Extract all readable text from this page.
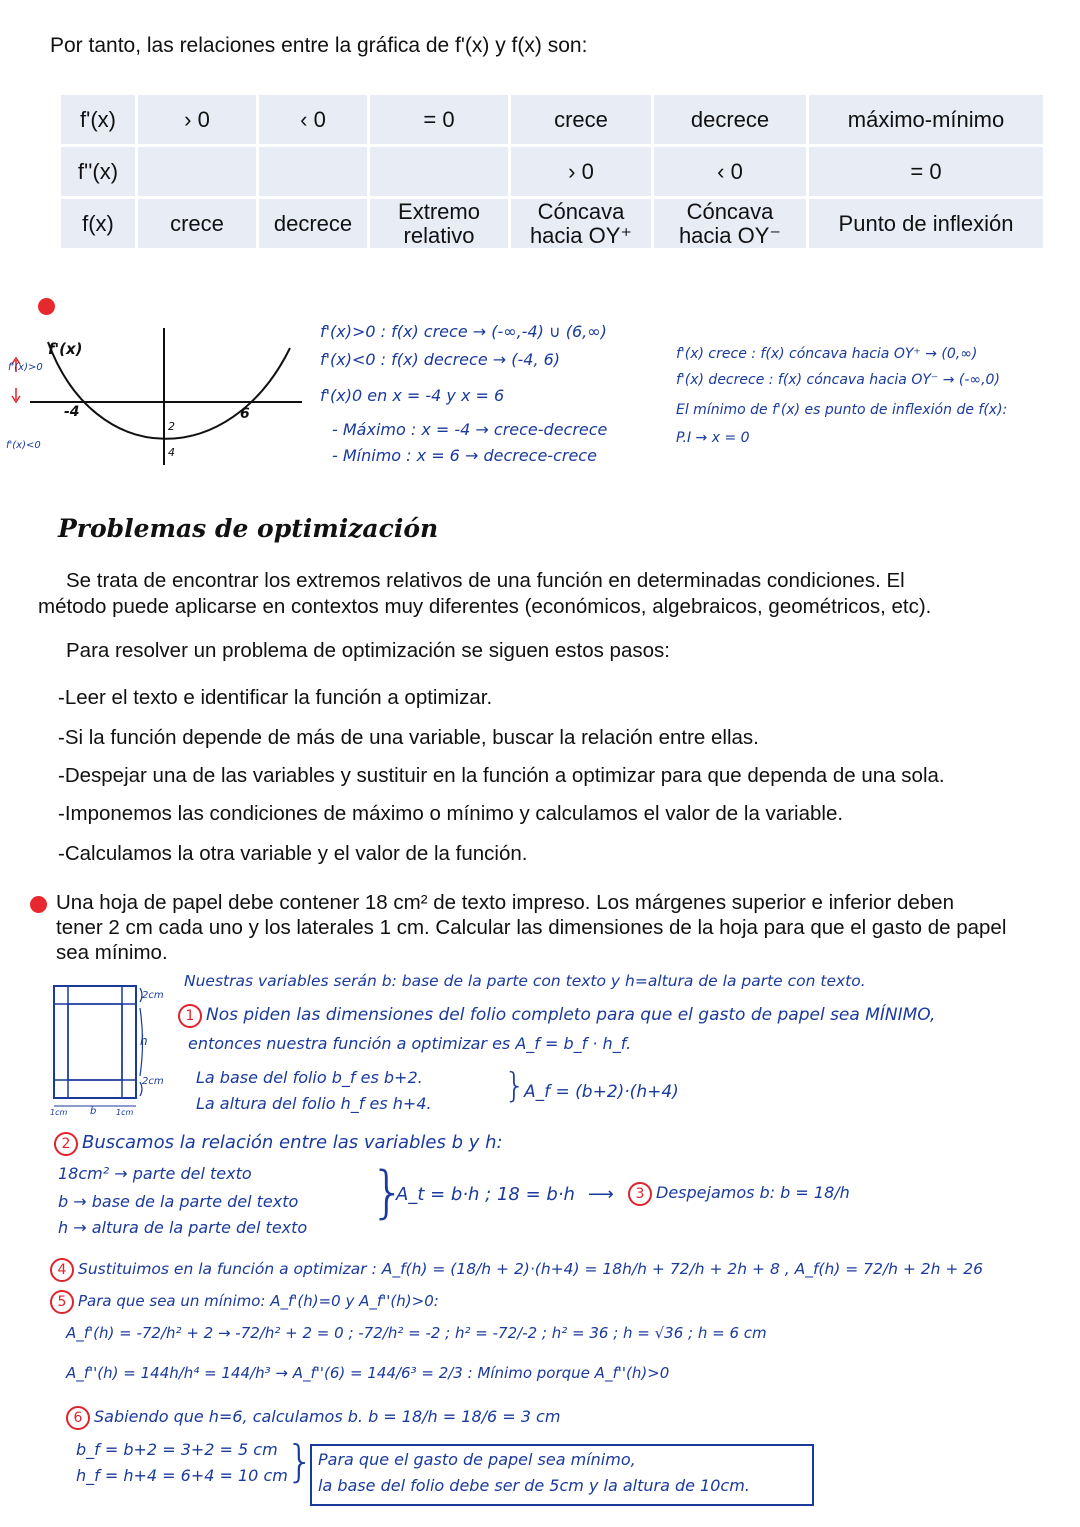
Por tanto, las relaciones entre la gráfica de f'(x) y f(x) son:
f'(x)	› 0	‹ 0	= 0	crece	decrece	máximo-mínimo
f''(x)				› 0	‹ 0	= 0
f(x)	crece	decrece	Extremo relativo	Cóncava hacia OY⁺	Cóncava hacia OY⁻	Punto de inflexión
f'(x)
f'(x)>0
f'(x)<0
-4	6
2
4
f'(x)>0 : f(x) crece → (-∞,-4) ∪ (6,∞)
f'(x)<0 : f(x) decrece → (-4, 6)
f'(x)0 en x = -4 y x = 6
- Máximo : x = -4 → crece-decrece
- Mínimo : x = 6 → decrece-crece
f'(x) crece : f(x) cóncava hacia OY⁺ → (0,∞)
f'(x) decrece : f(x) cóncava hacia OY⁻ → (-∞,0)
El mínimo de f'(x) es punto de inflexión de f(x):
P.I → x = 0
Problemas de optimización
Se trata de encontrar los extremos relativos de una función en determinadas condiciones. El
método puede aplicarse en contextos muy diferentes (económicos, algebraicos, geométricos, etc).
Para resolver un problema de optimización se siguen estos pasos:
-Leer el texto e identificar la función a optimizar.
-Si la función depende de más de una variable, buscar la relación entre ellas.
-Despejar una de las variables y sustituir en la función a optimizar para que dependa de una sola.
-Imponemos las condiciones de máximo o mínimo y calculamos el valor de la variable.
-Calculamos la otra variable y el valor de la función.
Una hoja de papel debe contener 18 cm² de texto impreso. Los márgenes superior e inferior deben
tener 2 cm cada uno y los laterales 1 cm. Calcular las dimensiones de la hoja para que el gasto de papel
sea mínimo.
2cm
h
2cm
1cm b 1cm
Nuestras variables serán b: base de la parte con texto y h=altura de la parte con texto.
1 Nos piden las dimensiones del folio completo para que el gasto de papel sea MÍNIMO,
entonces nuestra función a optimizar es A_f = b_f · h_f.
La base del folio b_f es b+2.
La altura del folio h_f es h+4. }
A_f = (b+2)·(h+4)
2 Buscamos la relación entre las variables b y h:
18cm² → parte del texto
b → base de la parte del texto
h → altura de la parte del texto
}
A_t = b·h ; 18 = b·h ⟶	3 Despejamos b: b = 18/h
4 Sustituimos en la función a optimizar : A_f(h) = (18/h + 2)·(h+4) = 18h/h + 72/h + 2h + 8 , A_f(h) = 72/h + 2h + 26
5 Para que sea un mínimo: A_f'(h)=0 y A_f''(h)>0:
A_f'(h) = -72/h² + 2 → -72/h² + 2 = 0 ; -72/h² = -2 ; h² = -72/-2 ; h² = 36 ; h = √36 ; h = 6 cm
A_f''(h) = 144h/h⁴ = 144/h³ → A_f''(6) = 144/6³ = 2/3 : Mínimo porque A_f''(h)>0
6 Sabiendo que h=6, calculamos b. b = 18/h = 18/6 = 3 cm
b_f = b+2 = 3+2 = 5 cm
h_f = h+4 = 6+4 = 10 cm
} Para que el gasto de papel sea mínimo,
la base del folio debe ser de 5cm y la altura de 10cm.
